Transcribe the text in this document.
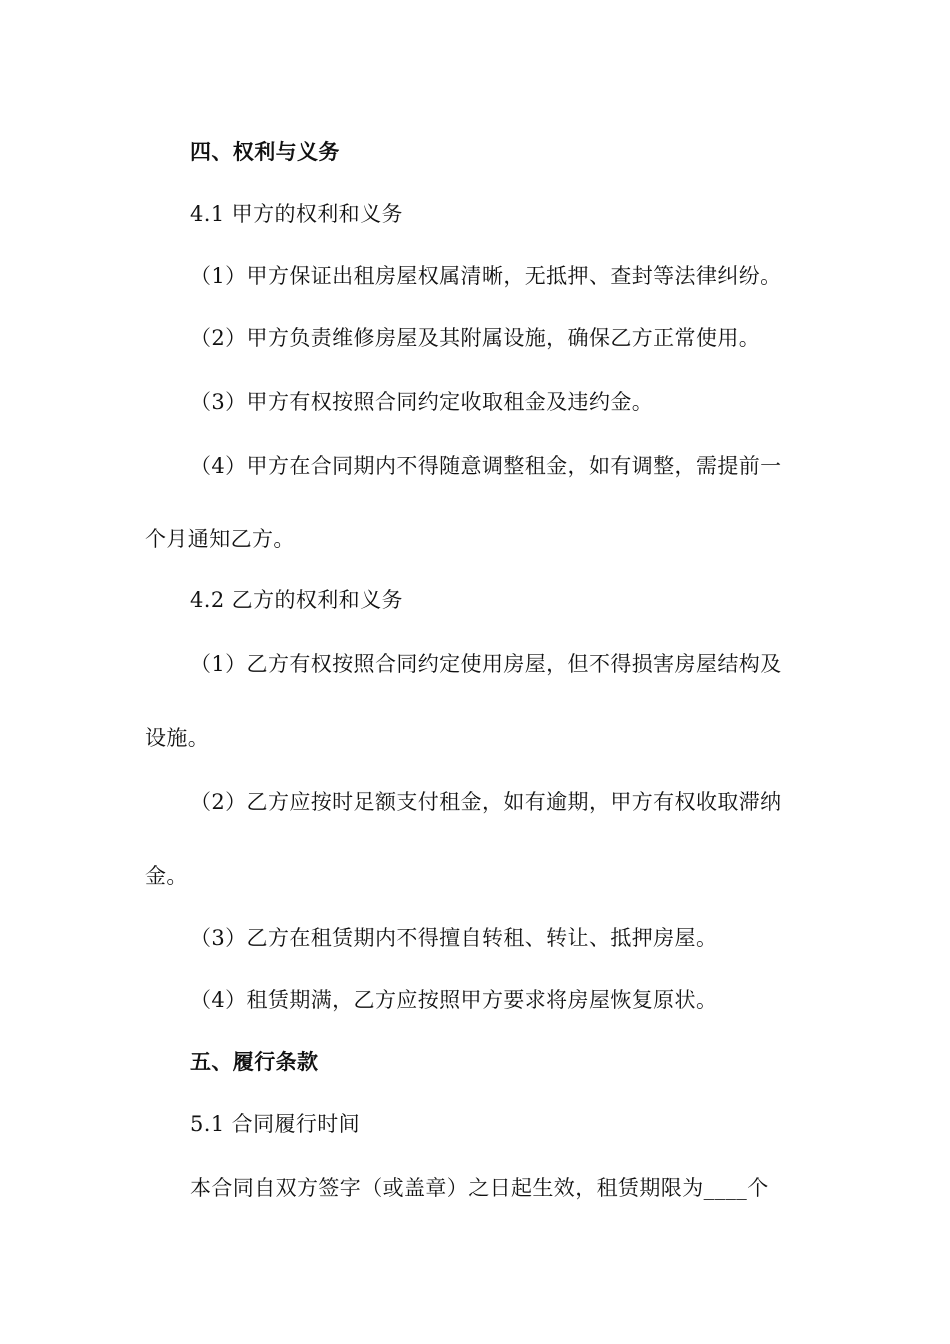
四、权利与义务
4.1 甲方的权利和义务
（1）甲方保证出租房屋权属清晰，无抵押、查封等法律纠纷。
（2）甲方负责维修房屋及其附属设施，确保乙方正常使用。
（3）甲方有权按照合同约定收取租金及违约金。
（4）甲方在合同期内不得随意调整租金，如有调整，需提前一
个月通知乙方。
4.2 乙方的权利和义务
（1）乙方有权按照合同约定使用房屋，但不得损害房屋结构及
设施。
（2）乙方应按时足额支付租金，如有逾期，甲方有权收取滞纳
金。
（3）乙方在租赁期内不得擅自转租、转让、抵押房屋。
（4）租赁期满，乙方应按照甲方要求将房屋恢复原状。
五、履行条款
5.1 合同履行时间
本合同自双方签字（或盖章）之日起生效，租赁期限为____个
